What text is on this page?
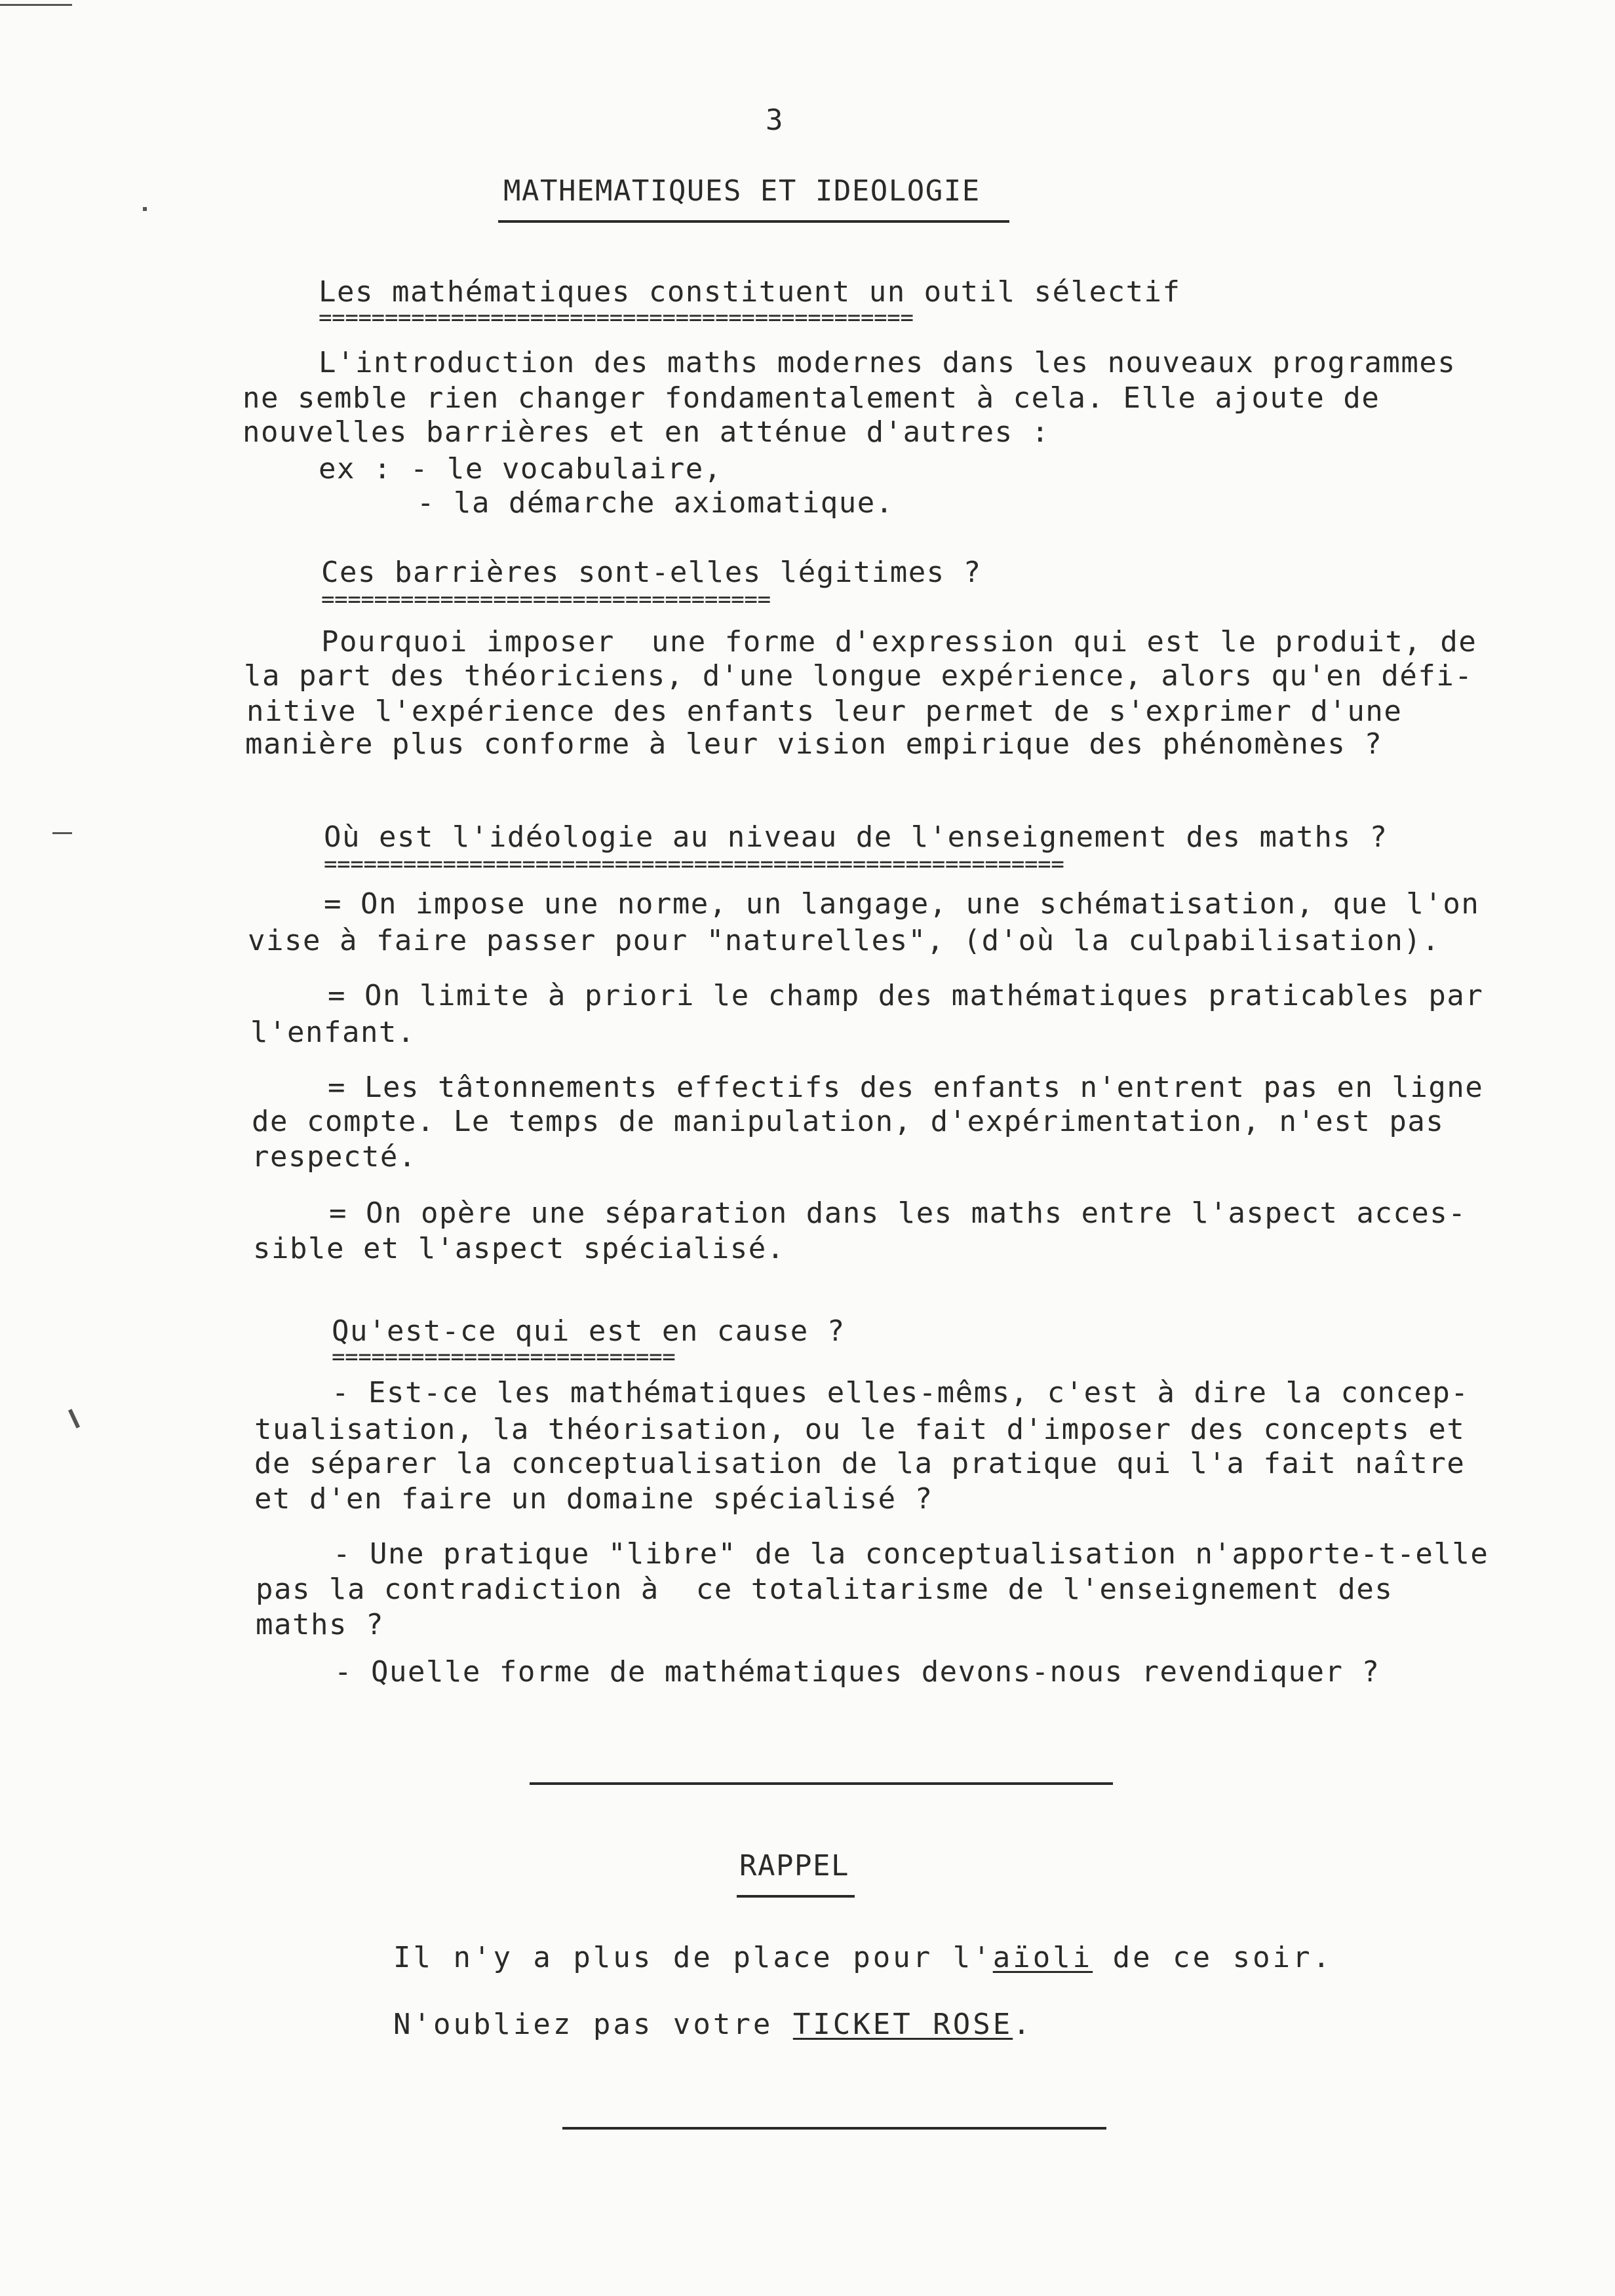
3
MATHEMATIQUES ET IDEOLOGIE
Les mathématiques constituent un outil sélectif
=============================================
L'introduction des maths modernes dans les nouveaux programmes
ne semble rien changer fondamentalement à cela. Elle ajoute de
nouvelles barrières et en atténue d'autres :
ex : - le vocabulaire,
- la démarche axiomatique.
Ces barrières sont-elles légitimes ?
==================================
Pourquoi imposer  une forme d'expression qui est le produit, de
la part des théoriciens, d'une longue expérience, alors qu'en défi-
nitive l'expérience des enfants leur permet de s'exprimer d'une
manière plus conforme à leur vision empirique des phénomènes ?
Où est l'idéologie au niveau de l'enseignement des maths ?
========================================================
= On impose une norme, un langage, une schématisation, que l'on
vise à faire passer pour "naturelles", (d'où la culpabilisation).
= On limite à priori le champ des mathématiques praticables par
l'enfant.
= Les tâtonnements effectifs des enfants n'entrent pas en ligne
de compte. Le temps de manipulation, d'expérimentation, n'est pas
respecté.
= On opère une séparation dans les maths entre l'aspect acces-
sible et l'aspect spécialisé.
Qu'est-ce qui est en cause ?
==========================
- Est-ce les mathématiques elles-mêms, c'est à dire la concep-
tualisation, la théorisation, ou le fait d'imposer des concepts et
de séparer la conceptualisation de la pratique qui l'a fait naître
et d'en faire un domaine spécialisé ?
- Une pratique "libre" de la conceptualisation n'apporte-t-elle
pas la contradiction à  ce totalitarisme de l'enseignement des
maths ?
- Quelle forme de mathématiques devons-nous revendiquer ?
RAPPEL
Il n'y a plus de place pour l'aïoli de ce soir.
N'oubliez pas votre TICKET ROSE.
